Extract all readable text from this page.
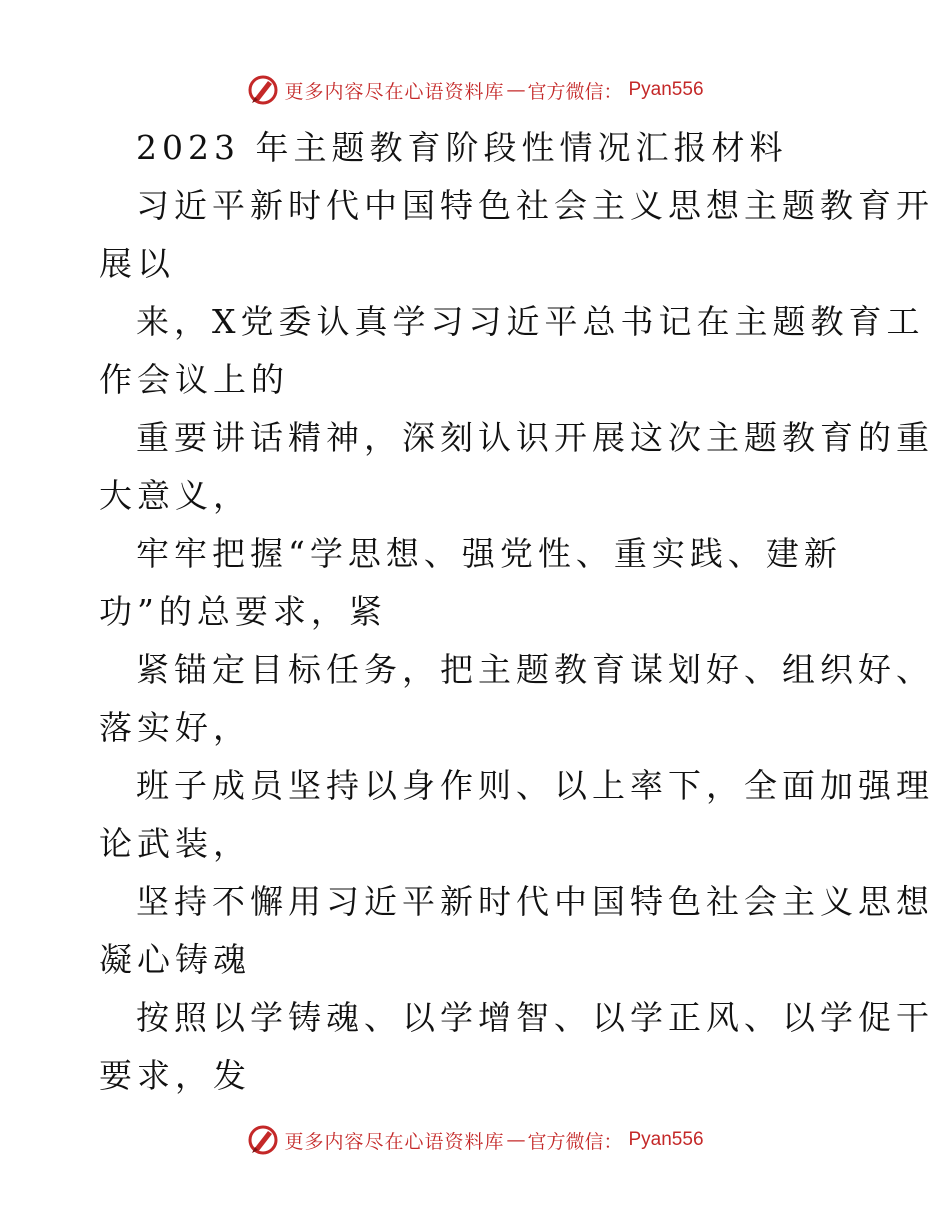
更多内容尽在心语资料库 — 官方微信： Pyan556
2023 年主题教育阶段性情况汇报材料
习近平新时代中国特色社会主义思想主题教育开
展以
来，X党委认真学习习近平总书记在主题教育工
作会议上的
重要讲话精神，深刻认识开展这次主题教育的重
大意义，
牢牢把握“学思想、强党性、重实践、建新
功”的总要求，紧
紧锚定目标任务，把主题教育谋划好、组织好、
落实好，
班子成员坚持以身作则、以上率下，全面加强理
论武装，
坚持不懈用习近平新时代中国特色社会主义思想
凝心铸魂
按照以学铸魂、以学增智、以学正风、以学促干
要求，发
更多内容尽在心语资料库 — 官方微信： Pyan556
